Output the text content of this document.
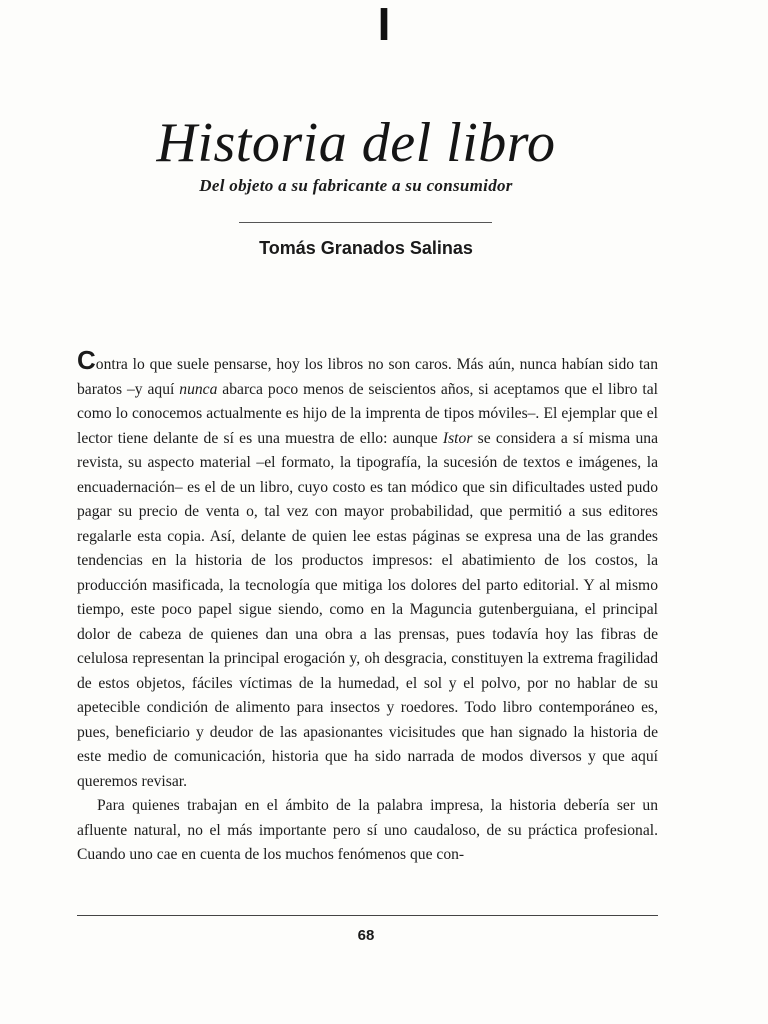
I
Historia del libro
Del objeto a su fabricante a su consumidor
Tomás Granados Salinas

Contra lo que suele pensarse, hoy los libros no son caros. Más aún, nunca habían sido tan baratos –y aquí nunca abarca poco menos de seiscientos años, si aceptamos que el libro tal como lo conocemos actualmente es hijo de la imprenta de tipos móviles–. El ejemplar que el lector tiene delante de sí es una muestra de ello: aunque Istor se considera a sí misma una revista, su aspecto material –el formato, la tipografía, la sucesión de textos e imágenes, la encuadernación– es el de un libro, cuyo costo es tan módico que sin dificultades usted pudo pagar su precio de venta o, tal vez con mayor probabilidad, que permitió a sus editores regalarle esta copia. Así, delante de quien lee estas páginas se expresa una de las grandes tendencias en la historia de los productos impresos: el abatimiento de los costos, la producción masificada, la tecnología que mitiga los dolores del parto editorial. Y al mismo tiempo, este poco papel sigue siendo, como en la Maguncia gutenberguiana, el principal dolor de cabeza de quienes dan una obra a las prensas, pues todavía hoy las fibras de celulosa representan la principal erogación y, oh desgracia, constituyen la extrema fragilidad de estos objetos, fáciles víctimas de la humedad, el sol y el polvo, por no hablar de su apetecible condición de alimento para insectos y roedores. Todo libro contemporáneo es, pues, beneficiario y deudor de las apasionantes vicisitudes que han signado la historia de este medio de comunicación, historia que ha sido narrada de modos diversos y que aquí queremos revisar.

Para quienes trabajan en el ámbito de la palabra impresa, la historia debería ser un afluente natural, no el más importante pero sí uno caudaloso, de su práctica profesional. Cuando uno cae en cuenta de los muchos fenómenos que con-

68
